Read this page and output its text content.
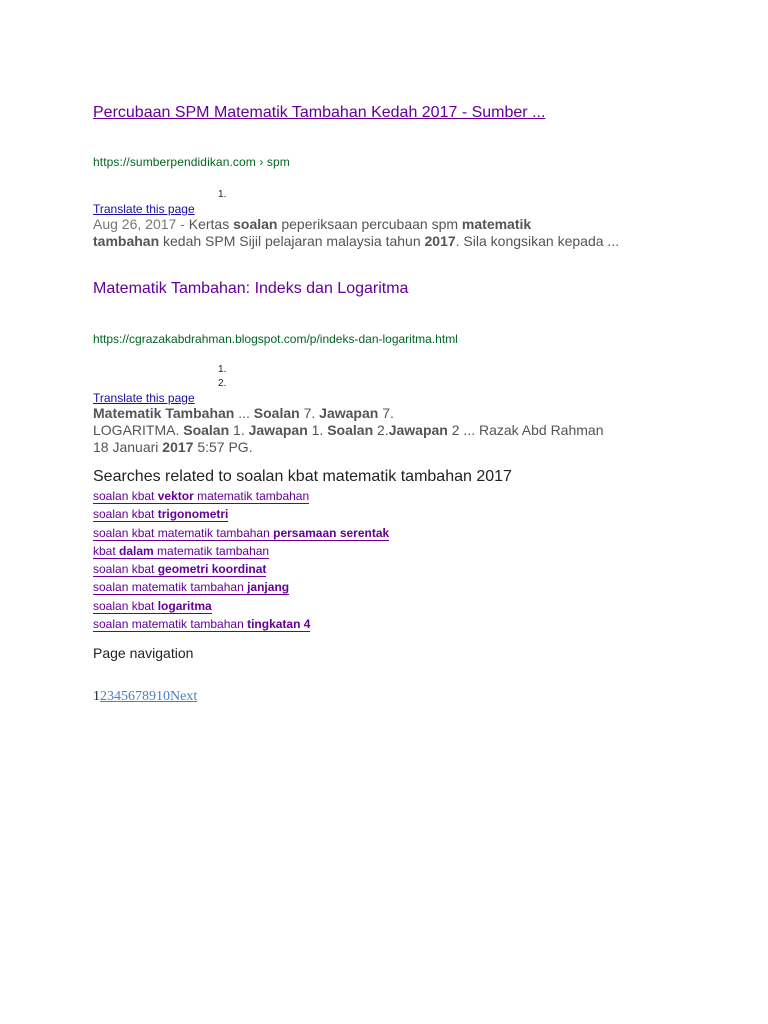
Percubaan SPM Matematik Tambahan Kedah 2017 - Sumber ...
https://sumberpendidikan.com › spm
1.
Translate this page
Aug 26, 2017 - Kertas soalan peperiksaan percubaan spm matematik
tambahan kedah SPM Sijil pelajaran malaysia tahun 2017. Sila kongsikan kepada ...
Matematik Tambahan: Indeks dan Logaritma
https://cgrazakabdrahman.blogspot.com/p/indeks-dan-logaritma.html
1.
2.
Translate this page
Matematik Tambahan ... Soalan 7. Jawapan 7.
LOGARITMA. Soalan 1. Jawapan 1. Soalan 2.Jawapan 2 ... Razak Abd Rahman
18 Januari 2017 5:57 PG.
Searches related to soalan kbat matematik tambahan 2017
soalan kbat vektor matematik tambahan
soalan kbat trigonometri
soalan kbat matematik tambahan persamaan serentak
kbat dalam matematik tambahan
soalan kbat geometri koordinat
soalan matematik tambahan janjang
soalan kbat logaritma
soalan matematik tambahan tingkatan 4
Page navigation
12345678910Next
